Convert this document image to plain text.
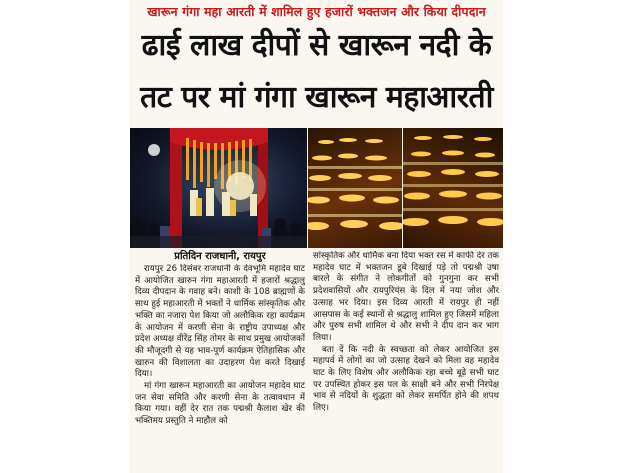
खारून गंगा महा आरती में शामिल हुए हजारों भक्तजन और किया दीपदान
ढाई लाख दीपों से खारून नदी के
तट पर मां गंगा खारून महाआरती
प्रतिदिन राजधानी, रायपुर

रायपुर 26 दिसंबर राजधानी के देवभूमि महादेव घाट में आयोजित खारुन गंगा महाआरती में हजारों श्रद्धालु दिव्य दीपदान के गवाह बने। काशी के 108 ब्राह्मणों के साथ हुई महाआरती में भक्तों ने धार्मिक सांस्कृतिक और भक्ति का नजारा पेश किया जो अलौकिक रहा कार्यक्रम के आयोजन में करणी सेना के राष्ट्रीय उपाध्यक्ष और प्रदेश अध्यक्ष वीरेंद्र सिंह तोमर के साथ प्रमुख आयोजकों की मौजूदगी से यह भाव-पूर्ण कार्यक्रम ऐतिहासिक और खारुन की विशालता का उदाहरण पेश करते दिखाई दिया।

मां गंगा खारून महाआरती का आयोजन महादेव घाट जन सेवा समिति और करणी सेना के तत्वावधान में किया गया। वहीं देर रात तक पद्मश्री कैलाश खेर की भक्तिमय प्रस्तुति ने माहौल को

सांस्कृतिक और धार्मिक बना दिया भक्त रस में काफी देर तक महादेव घाट में भक्तजन डूबे दिखाई पड़े तो पद्मश्री उषा बारले के संगीत ने लोकगीतों को गुनगुना कर सभी प्रदेशवासियों और रायपुरियंस के दिल में नया जोश और उत्साह भर दिया। इस दिव्य आरती में रायपुर ही नहीं आसपास के कई स्थानों से श्रद्धालु शामिल हुए जिसमें महिला और पुरुष सभी शामिल थे और सभी ने दीप दान कर भाग लिया।

बता दें कि नदी के स्वच्छता को लेकर आयोजित इस महापर्व में लोगों का जो उत्साह देखने को मिला वह महादेव घाट के लिए विशेष और अलौकिक रहा बच्चे बूढ़े सभी घाट पर उपस्थित होकर इस पल के साक्षी बने और सभी निरपेक्ष भाव से नदियों के शुद्धता को लेकर समर्पित होने की शपथ लिए।
